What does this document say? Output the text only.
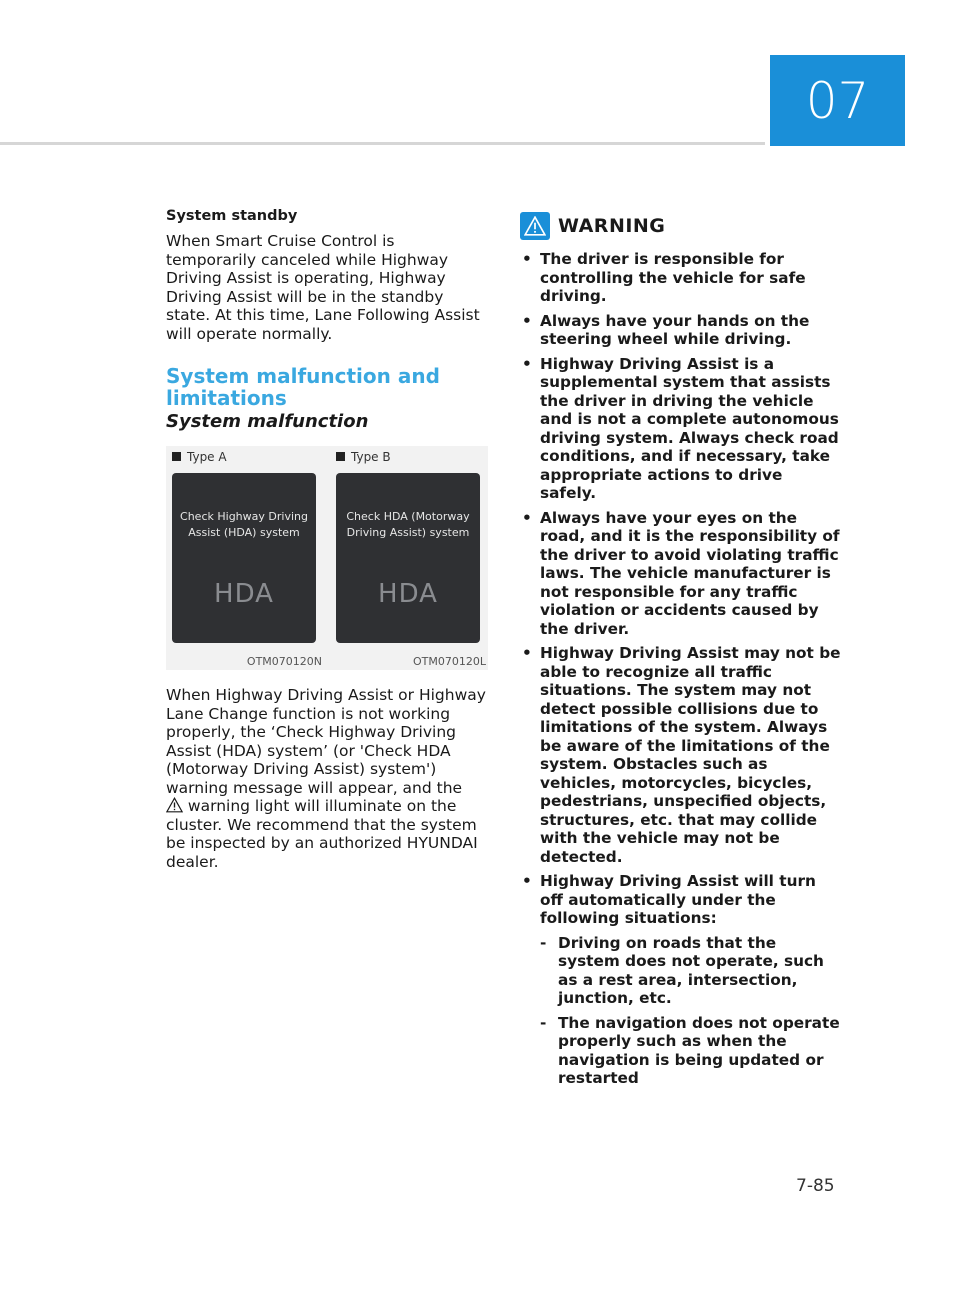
07
System standby

When Smart Cruise Control is temporarily canceled while Highway Driving Assist is operating, Highway Driving Assist will be in the standby state. At this time, Lane Following Assist will operate normally.

System malfunction and limitations
System malfunction
Type A
Check Highway Driving Assist (HDA) system
HDA
OTM070120N
Type B
Check HDA (Motorway Driving Assist) system
HDA
OTM070120L

When Highway Driving Assist or Highway Lane Change function is not working properly, the ‘Check Highway Driving Assist (HDA) system’ (or 'Check HDA (Motorway Driving Assist) system') warning message will appear, and the
warning light will illuminate on the cluster. We recommend that the system be inspected by an authorized HYUNDAI dealer.

WARNING
• The driver is responsible for controlling the vehicle for safe driving.
• Always have your hands on the steering wheel while driving.
• Highway Driving Assist is a supplemental system that assists the driver in driving the vehicle and is not a complete autonomous driving system. Always check road conditions, and if necessary, take appropriate actions to drive safely.
• Always have your eyes on the road, and it is the responsibility of the driver to avoid violating traffic laws. The vehicle manufacturer is not responsible for any traffic violation or accidents caused by the driver.
• Highway Driving Assist may not be able to recognize all traffic situations. The system may not detect possible collisions due to limitations of the system. Always be aware of the limitations of the system. Obstacles such as vehicles, motorcycles, bicycles, pedestrians, unspecified objects, structures, etc. that may collide with the vehicle may not be detected.
• Highway Driving Assist will turn off automatically under the following situations:
- Driving on roads that the system does not operate, such as a rest area, intersection, junction, etc.
- The navigation does not operate properly such as when the navigation is being updated or restarted
7-85
